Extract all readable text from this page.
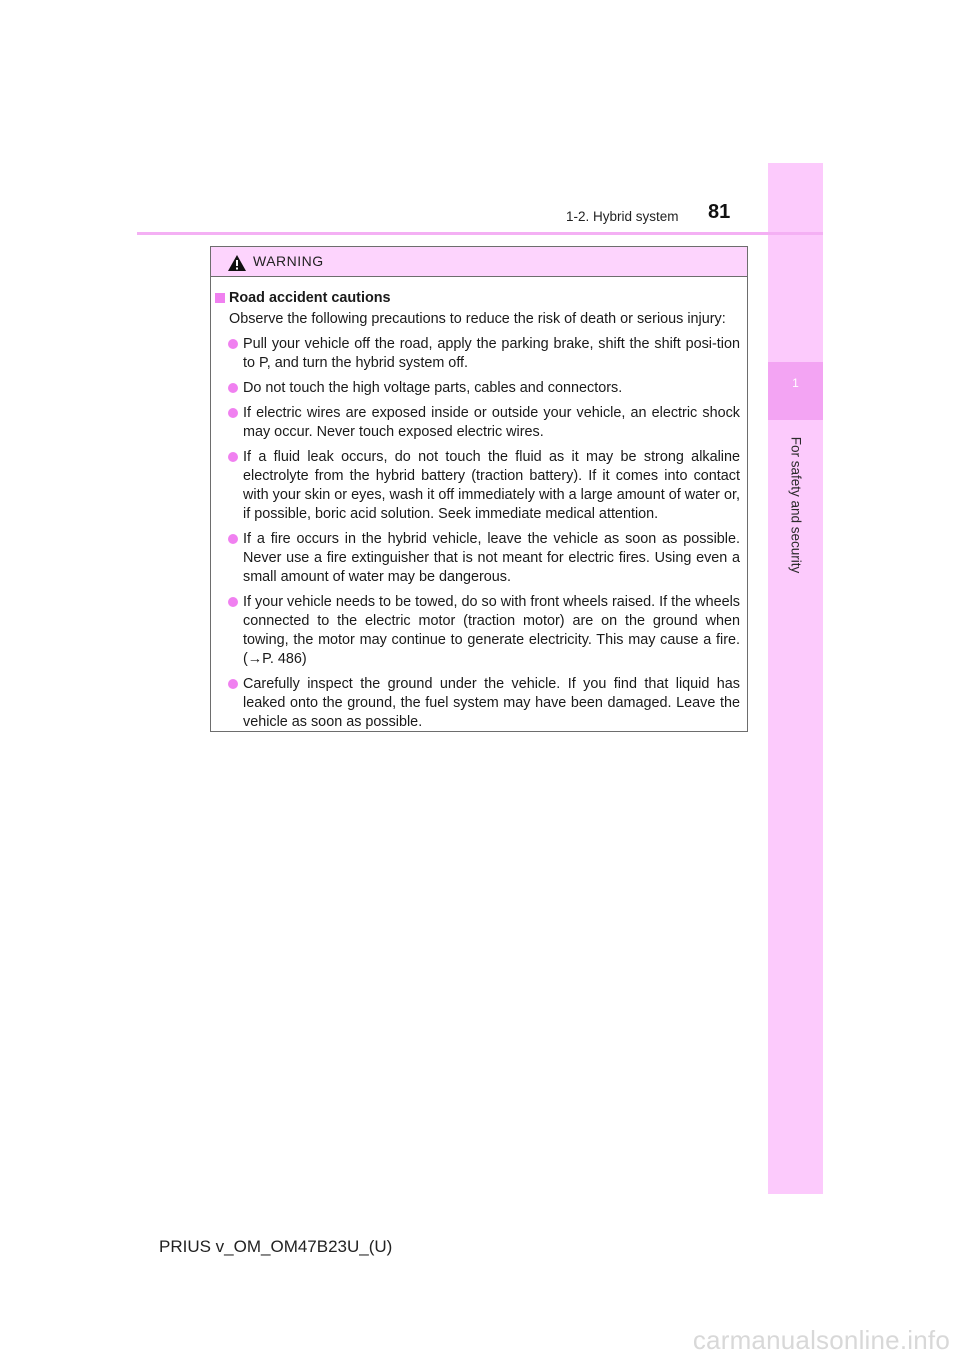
1
For safety and security
1-2. Hybrid system 81
WARNING
Road accident cautions
Observe the following precautions to reduce the risk of death or serious injury:
Pull your vehicle off the road, apply the parking brake, shift the shift posi-tion to P, and turn the hybrid system off.
Do not touch the high voltage parts, cables and connectors.
If electric wires are exposed inside or outside your vehicle, an electric shock may occur. Never touch exposed electric wires.
If a fluid leak occurs, do not touch the fluid as it may be strong alkaline electrolyte from the hybrid battery (traction battery). If it comes into contact with your skin or eyes, wash it off immediately with a large amount of water or, if possible, boric acid solution. Seek immediate medical attention.
If a fire occurs in the hybrid vehicle, leave the vehicle as soon as possible. Never use a fire extinguisher that is not meant for electric fires. Using even a small amount of water may be dangerous.
If your vehicle needs to be towed, do so with front wheels raised. If the wheels connected to the electric motor (traction motor) are on the ground when towing, the motor may continue to generate electricity. This may cause a fire. (→P. 486)
Carefully inspect the ground under the vehicle. If you find that liquid has leaked onto the ground, the fuel system may have been damaged. Leave the vehicle as soon as possible.
PRIUS v_OM_OM47B23U_(U)
carmanualsonline.info
